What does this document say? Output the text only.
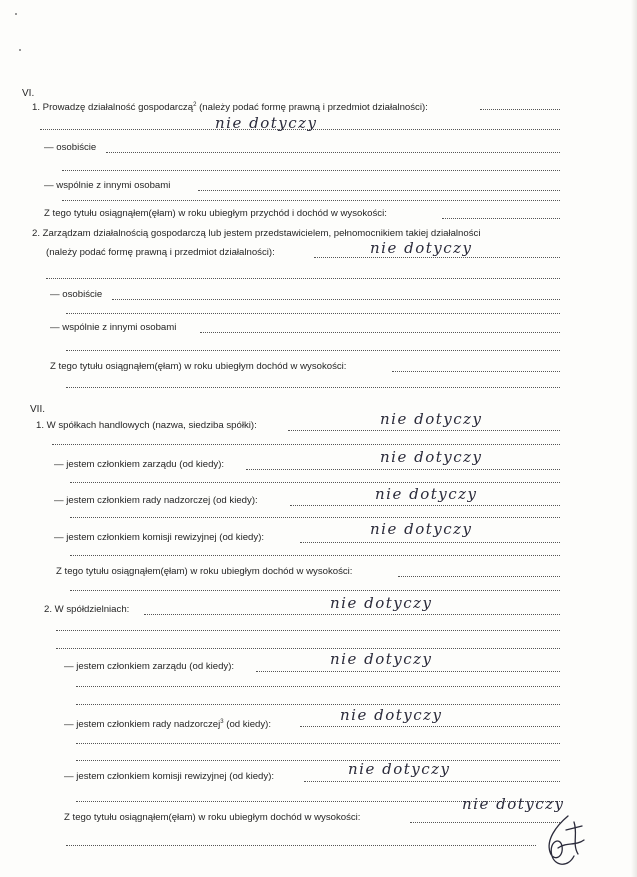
VI.
1. Prowadzę działalność gospodarczą$^2$ (należy podać formę prawną i przedmiot działalności):
nie dotyczy
— osobiście
— wspólnie z innymi osobami
Z tego tytułu osiągnąłem(ęłam) w roku ubiegłym przychód i dochód w wysokości:
2. Zarządzam działalnością gospodarczą lub jestem przedstawicielem, pełnomocnikiem takiej działalności
(należy podać formę prawną i przedmiot działalności):	nie dotyczy
— osobiście
— wspólnie z innymi osobami
Z tego tytułu osiągnąłem(ęłam) w roku ubiegłym dochód w wysokości:
VII.
1. W spółkach handlowych (nazwa, siedziba spółki):	nie dotyczy
— jestem członkiem zarządu (od kiedy):	nie dotyczy
— jestem członkiem rady nadzorczej (od kiedy):	nie dotyczy
— jestem członkiem komisji rewizyjnej (od kiedy):	nie dotyczy
Z tego tytułu osiągnąłem(ęłam) w roku ubiegłym dochód w wysokości:
2. W spółdzielniach:	nie dotyczy
— jestem członkiem zarządu (od kiedy):	nie dotyczy
— jestem członkiem rady nadzorczej$^3$ (od kiedy):
nie dotyczy
— jestem członkiem komisji rewizyjnej (od kiedy):	nie dotyczy
Z tego tytułu osiągnąłem(ęłam) w roku ubiegłym dochód w wysokości:
nie dotyczy
